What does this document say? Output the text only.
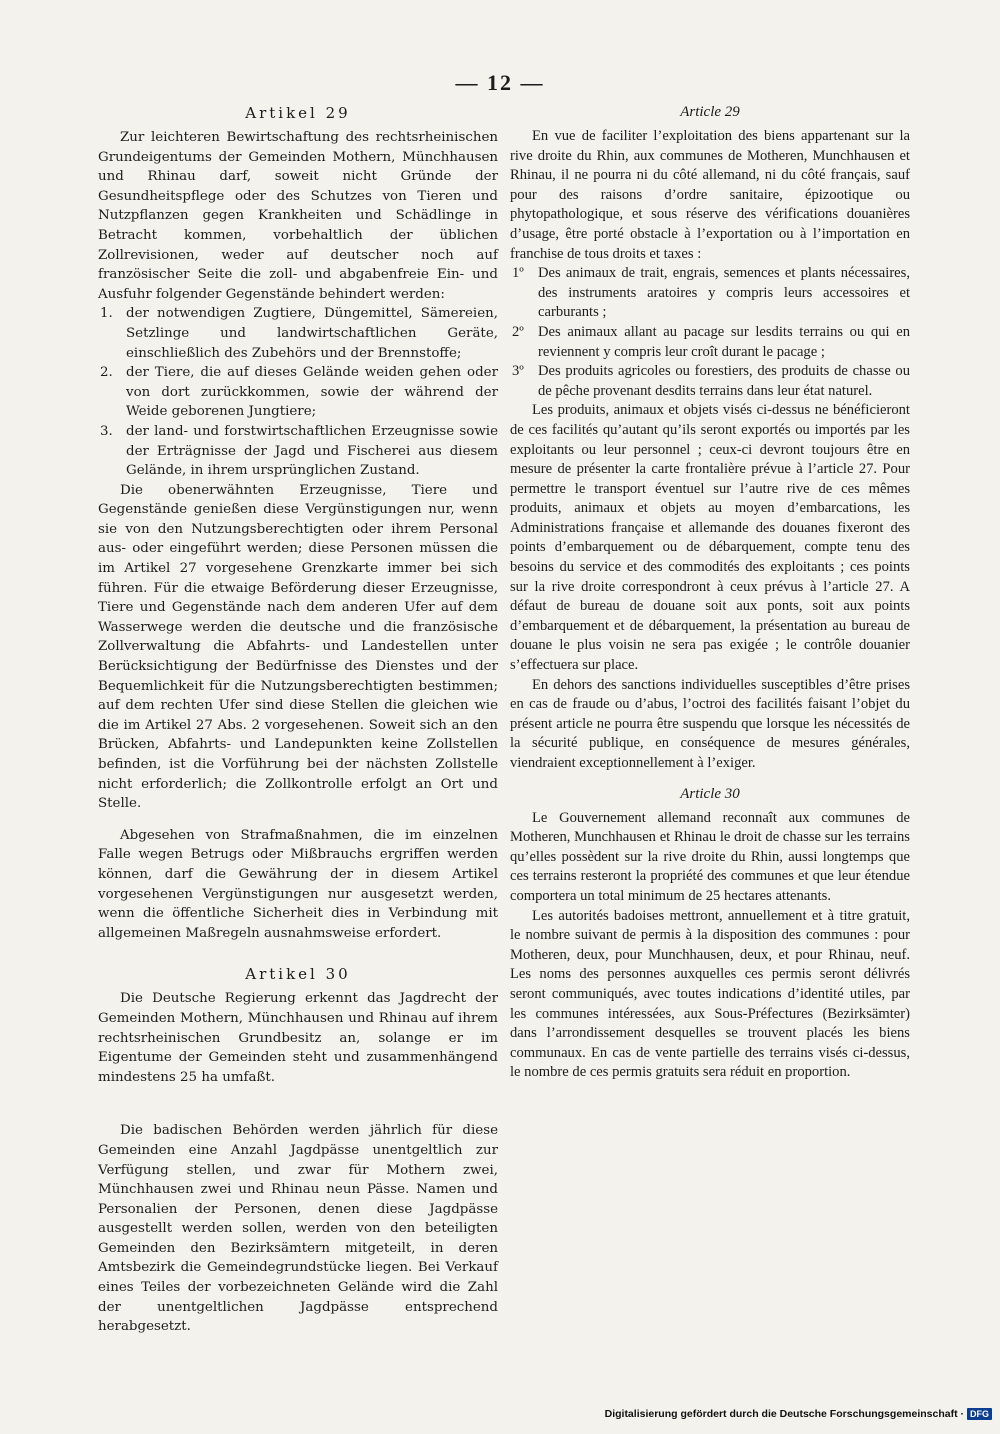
— 12 —
Artikel 29

Zur leichteren Bewirtschaftung des rechtsrheinischen Grundeigentums der Gemeinden Mothern, Münchhausen und Rhinau darf, soweit nicht Gründe der Gesundheitspflege oder des Schutzes von Tieren und Nutzpflanzen gegen Krankheiten und Schädlinge in Betracht kommen, vorbehaltlich der üblichen Zollrevisionen, weder auf deutscher noch auf französischer Seite die zoll- und abgabenfreie Ein- und Ausfuhr folgender Gegenstände behindert werden:

1. der notwendigen Zugtiere, Düngemittel, Sämereien, Setzlinge und landwirtschaftlichen Geräte, einschließlich des Zubehörs und der Brennstoffe;
2. der Tiere, die auf dieses Gelände weiden gehen oder von dort zurückkommen, sowie der während der Weide geborenen Jungtiere;
3. der land- und forstwirtschaftlichen Erzeugnisse sowie der Erträgnisse der Jagd und Fischerei aus diesem Gelände, in ihrem ursprünglichen Zustand.

Die obenerwähnten Erzeugnisse, Tiere und Gegenstände genießen diese Vergünstigungen nur, wenn sie von den Nutzungsberechtigten oder ihrem Personal aus- oder eingeführt werden; diese Personen müssen die im Artikel 27 vorgesehene Grenzkarte immer bei sich führen. Für die etwaige Beförderung dieser Erzeugnisse, Tiere und Gegenstände nach dem anderen Ufer auf dem Wasserwege werden die deutsche und die französische Zollverwaltung die Abfahrts- und Landestellen unter Berücksichtigung der Bedürfnisse des Dienstes und der Bequemlichkeit für die Nutzungsberechtigten bestimmen; auf dem rechten Ufer sind diese Stellen die gleichen wie die im Artikel 27 Abs. 2 vorgesehenen. Soweit sich an den Brücken, Abfahrts- und Landepunkten keine Zollstellen befinden, ist die Vorführung bei der nächsten Zollstelle nicht erforderlich; die Zollkontrolle erfolgt an Ort und Stelle.

Abgesehen von Strafmaßnahmen, die im einzelnen Falle wegen Betrugs oder Mißbrauchs ergriffen werden können, darf die Gewährung der in diesem Artikel vorgesehenen Vergünstigungen nur ausgesetzt werden, wenn die öffentliche Sicherheit dies in Verbindung mit allgemeinen Maßregeln ausnahmsweise erfordert.

Artikel 30

Die Deutsche Regierung erkennt das Jagdrecht der Gemeinden Mothern, Münchhausen und Rhinau auf ihrem rechtsrheinischen Grundbesitz an, solange er im Eigentume der Gemeinden steht und zusammenhängend mindestens 25 ha umfaßt.

Die badischen Behörden werden jährlich für diese Gemeinden eine Anzahl Jagdpässe unentgeltlich zur Verfügung stellen, und zwar für Mothern zwei, Münchhausen zwei und Rhinau neun Pässe. Namen und Personalien der Personen, denen diese Jagdpässe ausgestellt werden sollen, werden von den beteiligten Gemeinden den Bezirksämtern mitgeteilt, in deren Amtsbezirk die Gemeindegrundstücke liegen. Bei Verkauf eines Teiles der vorbezeichneten Gelände wird die Zahl der unentgeltlichen Jagdpässe entsprechend herabgesetzt.

Article 29

En vue de faciliter l’exploitation des biens appartenant sur la rive droite du Rhin, aux communes de Motheren, Munchhausen et Rhinau, il ne pourra ni du côté allemand, ni du côté français, sauf pour des raisons d’ordre sanitaire, épizootique ou phytopathologique, et sous réserve des vérifications douanières d’usage, être porté obstacle à l’exportation ou à l’importation en franchise de tous droits et taxes :

1º Des animaux de trait, engrais, semences et plants nécessaires, des instruments aratoires y compris leurs accessoires et carburants ;
2º Des animaux allant au pacage sur lesdits terrains ou qui en reviennent y compris leur croît durant le pacage ;
3º Des produits agricoles ou forestiers, des produits de chasse ou de pêche provenant desdits terrains dans leur état naturel.

Les produits, animaux et objets visés ci-dessus ne bénéficieront de ces facilités qu’autant qu’ils seront exportés ou importés par les exploitants ou leur personnel ; ceux-ci devront toujours être en mesure de présenter la carte frontalière prévue à l’article 27. Pour permettre le transport éventuel sur l’autre rive de ces mêmes produits, animaux et objets au moyen d’embarcations, les Administrations française et allemande des douanes fixeront des points d’embarquement ou de débarquement, compte tenu des besoins du service et des commodités des exploitants ; ces points sur la rive droite correspondront à ceux prévus à l’article 27. A défaut de bureau de douane soit aux ponts, soit aux points d’embarquement et de débarquement, la présentation au bureau de douane le plus voisin ne sera pas exigée ; le contrôle douanier s’effectuera sur place.

En dehors des sanctions individuelles susceptibles d’être prises en cas de fraude ou d’abus, l’octroi des facilités faisant l’objet du présent article ne pourra être suspendu que lorsque les nécessités de la sécurité publique, en conséquence de mesures générales, viendraient exceptionnellement à l’exiger.

Article 30

Le Gouvernement allemand reconnaît aux communes de Motheren, Munchhausen et Rhinau le droit de chasse sur les terrains qu’elles possèdent sur la rive droite du Rhin, aussi longtemps que ces terrains resteront la propriété des communes et que leur étendue comportera un total minimum de 25 hectares attenants.

Les autorités badoises mettront, annuellement et à titre gratuit, le nombre suivant de permis à la disposition des communes : pour Motheren, deux, pour Munchhausen, deux, et pour Rhinau, neuf. Les noms des personnes auxquelles ces permis seront délivrés seront communiqués, avec toutes indications d’identité utiles, par les communes intéressées, aux Sous-Préfectures (Bezirksämter) dans l’arrondissement desquelles se trouvent placés les biens communaux. En cas de vente partielle des terrains visés ci-dessus, le nombre de ces permis gratuits sera réduit en proportion.

Digitalisierung gefördert durch die Deutsche Forschungsgemeinschaft · DFG
